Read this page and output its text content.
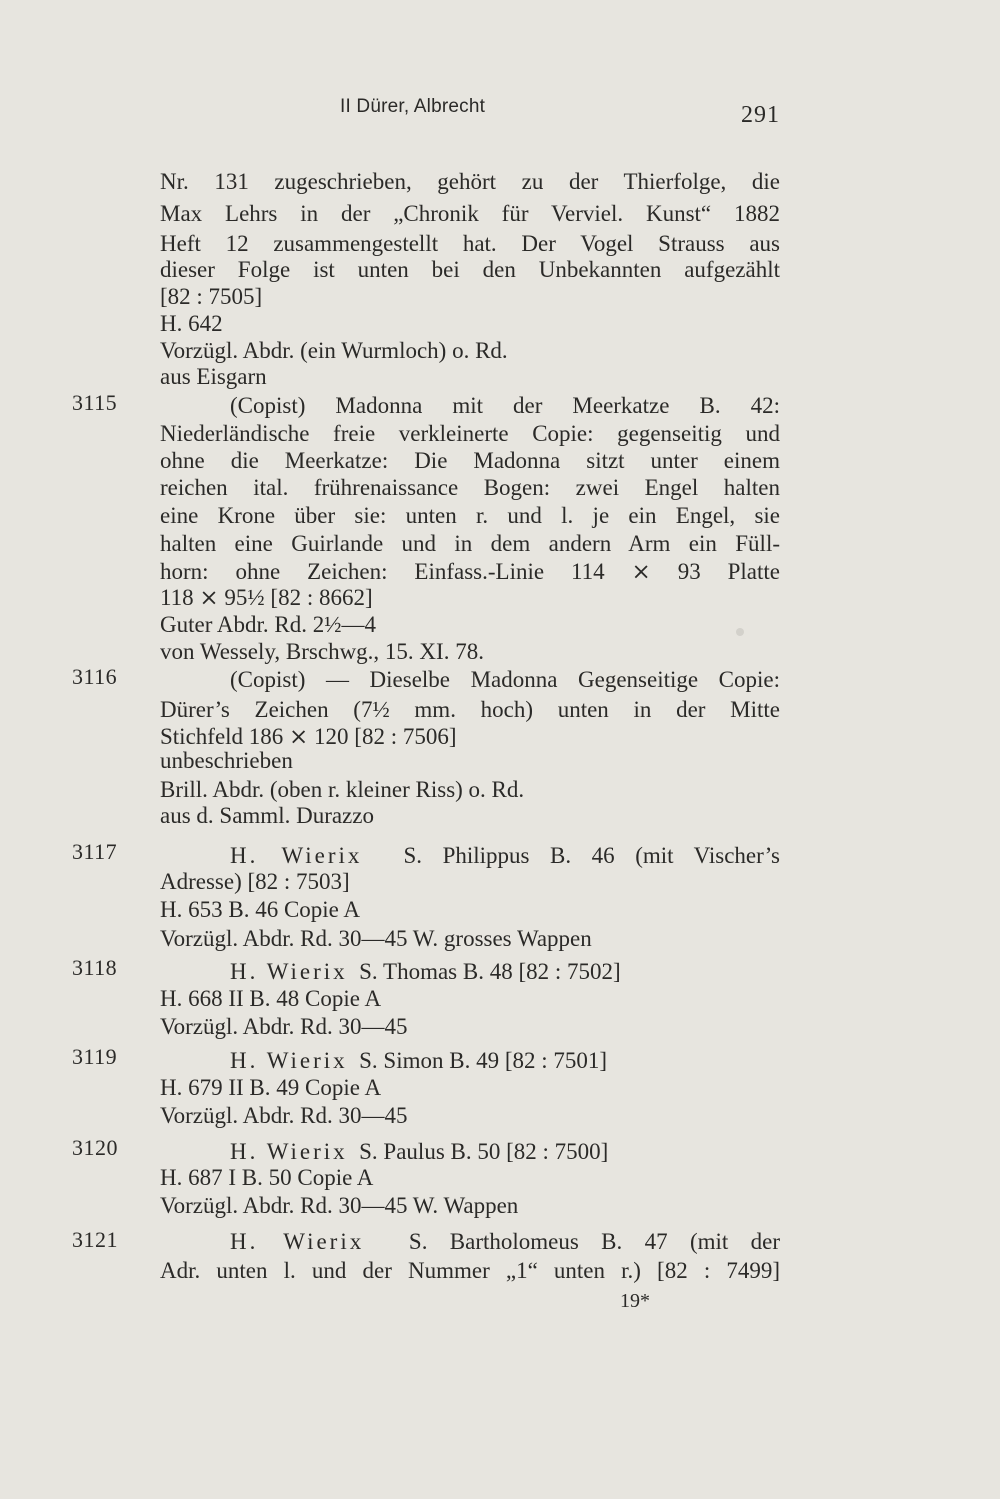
II Dürer, Albrecht	291
Nr. 131 zugeschrieben, gehört zu der Thierfolge, die
Max Lehrs in der „Chronik für Verviel. Kunst“ 1882
Heft 12 zusammengestellt hat. Der Vogel Strauss aus
dieser Folge ist unten bei den Unbekannten aufgezählt
[82 : 7505]
H. 642
Vorzügl. Abdr. (ein Wurmloch) o. Rd.
aus Eisgarn
3115	(Copist) Madonna mit der Meerkatze B. 42:
Niederländische freie verkleinerte Copie: gegenseitig und
ohne die Meerkatze: Die Madonna sitzt unter einem
reichen ital. frührenaissance Bogen: zwei Engel halten
eine Krone über sie: unten r. und l. je ein Engel, sie
halten eine Guirlande und in dem andern Arm ein Füll-
horn: ohne Zeichen: Einfass.-Linie 114 ⨯ 93 Platte
118 ⨯ 95½ [82 : 8662]
Guter Abdr. Rd. 2½—4
von Wessely, Brschwg., 15. XI. 78.
3116	(Copist) — Dieselbe Madonna Gegenseitige Copie:
Dürer’s Zeichen (7½ mm. hoch) unten in der Mitte
Stichfeld 186 ⨯ 120 [82 : 7506]
unbeschrieben
Brill. Abdr. (oben r. kleiner Riss) o. Rd.
aus d. Samml. Durazzo
3117	H. Wierix S. Philippus B. 46 (mit Vischer’s
Adresse) [82 : 7503]
H. 653 B. 46 Copie A
Vorzügl. Abdr. Rd. 30—45 W. grosses Wappen
3118	H. Wierix S. Thomas B. 48 [82 : 7502]
H. 668 II B. 48 Copie A
Vorzügl. Abdr. Rd. 30—45
3119	H. Wierix S. Simon B. 49 [82 : 7501]
H. 679 II B. 49 Copie A
Vorzügl. Abdr. Rd. 30—45
3120	H. Wierix S. Paulus B. 50 [82 : 7500]
H. 687 I B. 50 Copie A
Vorzügl. Abdr. Rd. 30—45 W. Wappen
3121	H. Wierix S. Bartholomeus B. 47 (mit der
Adr. unten l. und der Nummer „1“ unten r.) [82 : 7499]
19*
